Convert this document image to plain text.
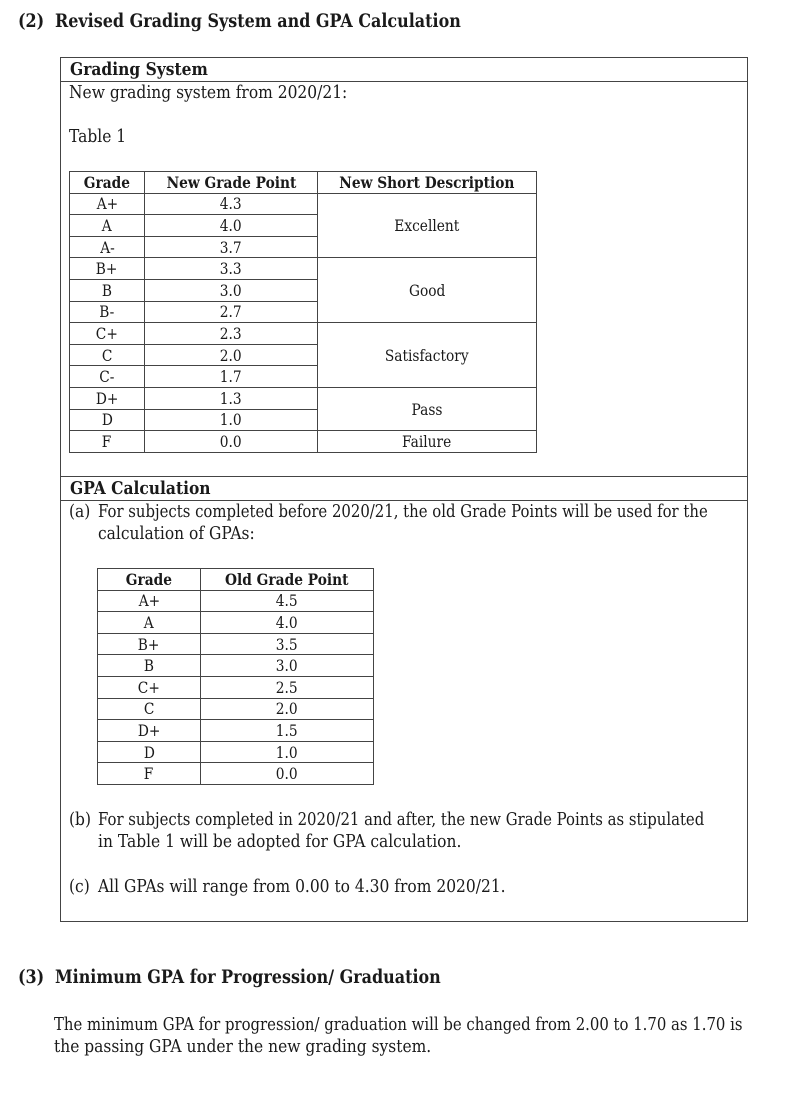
(2) Revised Grading System and GPA Calculation
Grading System
New grading system from 2020/21:
Table 1
Grade	New Grade Point	New Short Description
A+	4.3	Excellent
A	4.0	
A-	3.7	
B+	3.3	Good
B	3.0	
B-	2.7	
C+	2.3	Satisfactory
C	2.0	
C-	1.7	
D+	1.3	Pass
D	1.0	
F	0.0	Failure
GPA Calculation
(a) For subjects completed before 2020/21, the old Grade Points will be used for the
calculation of GPAs:
Grade	Old Grade Point
A+	4.5
A	4.0
B+	3.5
B	3.0
C+	2.5
C	2.0
D+	1.5
D	1.0
F	0.0
(b) For subjects completed in 2020/21 and after, the new Grade Points as stipulated
in Table 1 will be adopted for GPA calculation.
(c) All GPAs will range from 0.00 to 4.30 from 2020/21.
(3) Minimum GPA for Progression/ Graduation
The minimum GPA for progression/ graduation will be changed from 2.00 to 1.70 as 1.70 is
the passing GPA under the new grading system.
